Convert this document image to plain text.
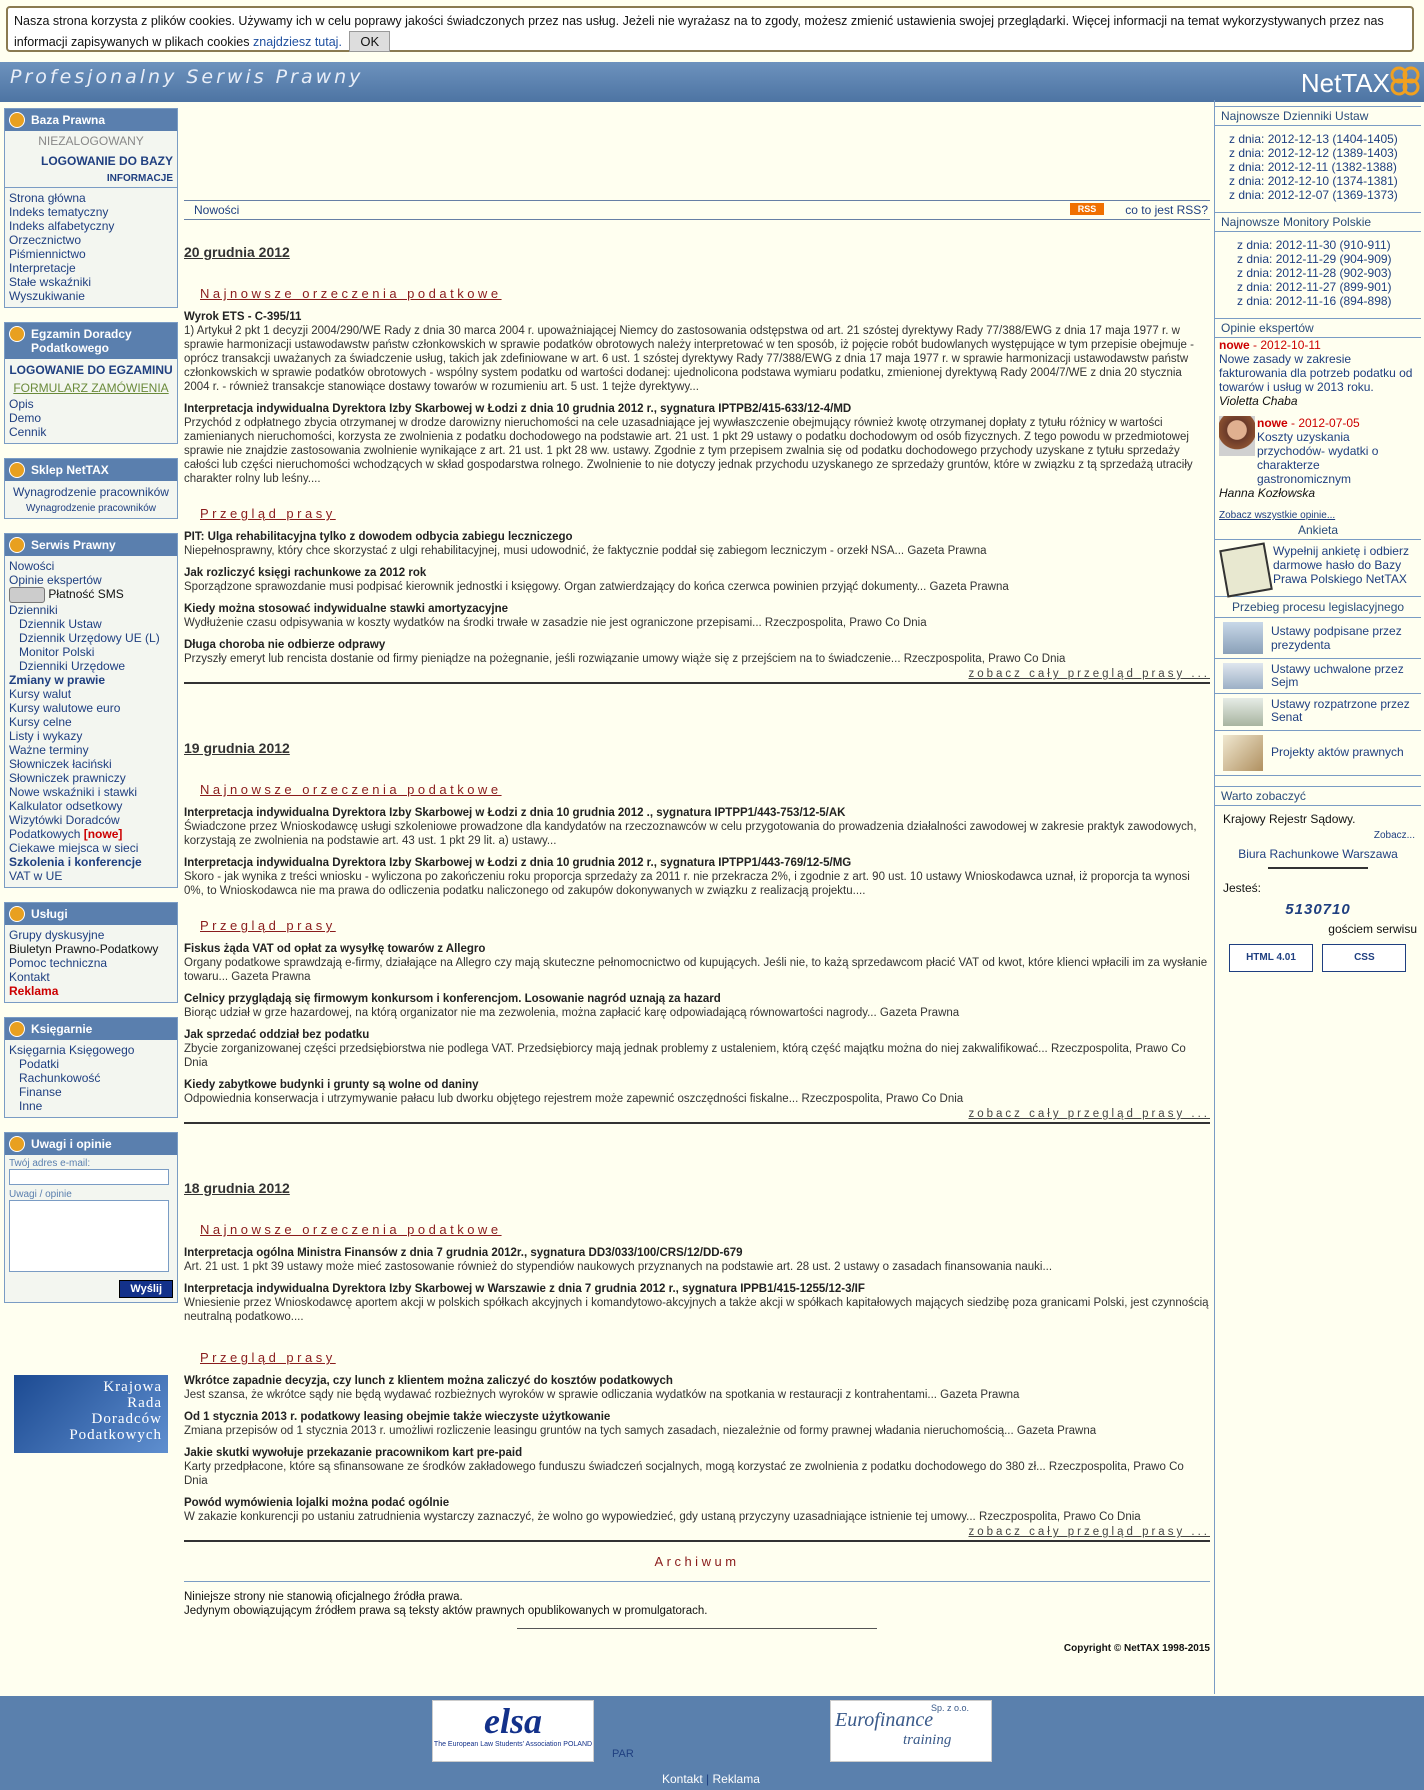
Nasza strona korzysta z plików cookies. Używamy ich w celu poprawy jakości świadczonych przez nas usług. Jeżeli nie wyrażasz na to zgody, możesz zmienić ustawienia swojej przeglądarki. Więcej informacji na temat wykorzystywanych przez nas informacji zapisywanych w plikach cookies znajdziesz tutaj. OK
Profesjonalny Serwis Prawny	NetTAX
Baza Prawna
NIEZALOGOWANY
LOGOWANIE DO BAZY
INFORMACJE
Strona główna
Indeks tematyczny
Indeks alfabetyczny
Orzecznictwo
Piśmiennictwo
Interpretacje
Stałe wskaźniki
Wyszukiwanie
Egzamin Doradcy Podatkowego
LOGOWANIE DO EGZAMINU
FORMULARZ ZAMÓWIENIA
Opis
Demo
Cennik
Sklep NetTAX
Wynagrodzenie pracowników
Wynagrodzenie pracowników
Serwis Prawny
Nowości
Opinie ekspertów
Płatność SMS
Dzienniki
Dziennik Ustaw
Dziennik Urzędowy UE (L)
Monitor Polski
Dzienniki Urzędowe
Zmiany w prawie
Kursy walut
Kursy walutowe euro
Kursy celne
Listy i wykazy
Ważne terminy
Słowniczek łaciński
Słowniczek prawniczy
Nowe wskaźniki i stawki
Kalkulator odsetkowy
Wizytówki Doradców
Podatkowych [nowe]
Ciekawe miejsca w sieci
Szkolenia i konferencje
VAT w UE
Usługi
Grupy dyskusyjne
Biuletyn Prawno-Podatkowy
Pomoc techniczna
Kontakt
Reklama
Księgarnie
Księgarnia Księgowego
Podatki
Rachunkowość
Finanse
Inne
Uwagi i opinie
Twój adres e-mail:
Uwagi / opinie
Wyślij
Krajowa
Rada
Doradców
Podatkowych
Nowości	RSS	co to jest RSS?
20 grudnia 2012
Najnowsze orzeczenia podatkowe
Wyrok ETS - C-395/11
1) Artykuł 2 pkt 1 decyzji 2004/290/WE Rady z dnia 30 marca 2004 r. upoważniającej Niemcy do zastosowania odstępstwa od art. 21 szóstej dyrektywy Rady 77/388/EWG z dnia 17 maja 1977 r. w sprawie harmonizacji ustawodawstw państw członkowskich w sprawie podatków obrotowych należy interpretować w ten sposób, iż pojęcie robót budowlanych występujące w tym przepisie obejmuje - oprócz transakcji uważanych za świadczenie usług, takich jak zdefiniowane w art. 6 ust. 1 szóstej dyrektywy Rady 77/388/EWG z dnia 17 maja 1977 r. w sprawie harmonizacji ustawodawstw państw członkowskich w sprawie podatków obrotowych - wspólny system podatku od wartości dodanej: ujednolicona podstawa wymiaru podatku, zmienionej dyrektywą Rady 2004/7/WE z dnia 20 stycznia 2004 r. - również transakcje stanowiące dostawy towarów w rozumieniu art. 5 ust. 1 tejże dyrektywy...
Interpretacja indywidualna Dyrektora Izby Skarbowej w Łodzi z dnia 10 grudnia 2012 r., sygnatura IPTPB2/415-633/12-4/MD
Przychód z odpłatnego zbycia otrzymanej w drodze darowizny nieruchomości na cele uzasadniające jej wywłaszczenie obejmujący również kwotę otrzymanej dopłaty z tytułu różnicy w wartości zamienianych nieruchomości, korzysta ze zwolnienia z podatku dochodowego na podstawie art. 21 ust. 1 pkt 29 ustawy o podatku dochodowym od osób fizycznych. Z tego powodu w przedmiotowej sprawie nie znajdzie zastosowania zwolnienie wynikające z art. 21 ust. 1 pkt 28 ww. ustawy. Zgodnie z tym przepisem zwalnia się od podatku dochodowego przychody uzyskane z tytułu sprzedaży całości lub części nieruchomości wchodzących w skład gospodarstwa rolnego. Zwolnienie to nie dotyczy jednak przychodu uzyskanego ze sprzedaży gruntów, które w związku z tą sprzedażą utraciły charakter rolny lub leśny....
Przegląd prasy
PIT: Ulga rehabilitacyjna tylko z dowodem odbycia zabiegu leczniczego
Niepełnosprawny, który chce skorzystać z ulgi rehabilitacyjnej, musi udowodnić, że faktycznie poddał się zabiegom leczniczym - orzekł NSA... Gazeta Prawna
Jak rozliczyć księgi rachunkowe za 2012 rok
Sporządzone sprawozdanie musi podpisać kierownik jednostki i księgowy. Organ zatwierdzający do końca czerwca powinien przyjąć dokumenty... Gazeta Prawna
Kiedy można stosować indywidualne stawki amortyzacyjne
Wydłużenie czasu odpisywania w koszty wydatków na środki trwałe w zasadzie nie jest ograniczone przepisami... Rzeczpospolita, Prawo Co Dnia
Długa choroba nie odbierze odprawy
Przyszły emeryt lub rencista dostanie od firmy pieniądze na pożegnanie, jeśli rozwiązanie umowy wiąże się z przejściem na to świadczenie... Rzeczpospolita, Prawo Co Dnia
zobacz cały przegląd prasy ...
19 grudnia 2012
Najnowsze orzeczenia podatkowe
Interpretacja indywidualna Dyrektora Izby Skarbowej w Łodzi z dnia 10 grudnia 2012 ., sygnatura IPTPP1/443-753/12-5/AK
Świadczone przez Wnioskodawcę usługi szkoleniowe prowadzone dla kandydatów na rzeczoznawców w celu przygotowania do prowadzenia działalności zawodowej w zakresie praktyk zawodowych, korzystają ze zwolnienia na podstawie art. 43 ust. 1 pkt 29 lit. a) ustawy...
Interpretacja indywidualna Dyrektora Izby Skarbowej w Łodzi z dnia 10 grudnia 2012 r., sygnatura IPTPP1/443-769/12-5/MG
Skoro - jak wynika z treści wniosku - wyliczona po zakończeniu roku proporcja sprzedaży za 2011 r. nie przekracza 2%, i zgodnie z art. 90 ust. 10 ustawy Wnioskodawca uznał, iż proporcja ta wynosi 0%, to Wnioskodawca nie ma prawa do odliczenia podatku naliczonego od zakupów dokonywanych w związku z realizacją projektu....
Przegląd prasy
Fiskus żąda VAT od opłat za wysyłkę towarów z Allegro
Organy podatkowe sprawdzają e-firmy, działające na Allegro czy mają skuteczne pełnomocnictwo od kupujących. Jeśli nie, to każą sprzedawcom płacić VAT od kwot, które klienci wpłacili im za wysłanie towaru... Gazeta Prawna
Celnicy przyglądają się firmowym konkursom i konferencjom. Losowanie nagród uznają za hazard
Biorąc udział w grze hazardowej, na którą organizator nie ma zezwolenia, można zapłacić karę odpowiadającą równowartości nagrody... Gazeta Prawna
Jak sprzedać oddział bez podatku
Zbycie zorganizowanej części przedsiębiorstwa nie podlega VAT. Przedsiębiorcy mają jednak problemy z ustaleniem, którą część majątku można do niej zakwalifikować... Rzeczpospolita, Prawo Co Dnia
Kiedy zabytkowe budynki i grunty są wolne od daniny
Odpowiednia konserwacja i utrzymywanie pałacu lub dworku objętego rejestrem może zapewnić oszczędności fiskalne... Rzeczpospolita, Prawo Co Dnia
zobacz cały przegląd prasy ...
18 grudnia 2012
Najnowsze orzeczenia podatkowe
Interpretacja ogólna Ministra Finansów z dnia 7 grudnia 2012r., sygnatura DD3/033/100/CRS/12/DD-679
Art. 21 ust. 1 pkt 39 ustawy może mieć zastosowanie również do stypendiów naukowych przyznanych na podstawie art. 28 ust. 2 ustawy o zasadach finansowania nauki...
Interpretacja indywidualna Dyrektora Izby Skarbowej w Warszawie z dnia 7 grudnia 2012 r., sygnatura IPPB1/415-1255/12-3/IF
Wniesienie przez Wnioskodawcę aportem akcji w polskich spółkach akcyjnych i komandytowo-akcyjnych a także akcji w spółkach kapitałowych mających siedzibę poza granicami Polski, jest czynnością neutralną podatkowo....
Przegląd prasy
Wkrótce zapadnie decyzja, czy lunch z klientem można zaliczyć do kosztów podatkowych
Jest szansa, że wkrótce sądy nie będą wydawać rozbieżnych wyroków w sprawie odliczania wydatków na spotkania w restauracji z kontrahentami... Gazeta Prawna
Od 1 stycznia 2013 r. podatkowy leasing obejmie także wieczyste użytkowanie
Zmiana przepisów od 1 stycznia 2013 r. umożliwi rozliczenie leasingu gruntów na tych samych zasadach, niezależnie od formy prawnej władania nieruchomością... Gazeta Prawna
Jakie skutki wywołuje przekazanie pracownikom kart pre-paid
Karty przedpłacone, które są sfinansowane ze środków zakładowego funduszu świadczeń socjalnych, mogą korzystać ze zwolnienia z podatku dochodowego do 380 zł... Rzeczpospolita, Prawo Co Dnia
Powód wymówienia lojalki można podać ogólnie
W zakazie konkurencji po ustaniu zatrudnienia wystarczy zaznaczyć, że wolno go wypowiedzieć, gdy ustaną przyczyny uzasadniające istnienie tej umowy... Rzeczpospolita, Prawo Co Dnia
zobacz cały przegląd prasy ...
Archiwum
Niniejsze strony nie stanowią oficjalnego źródła prawa.
Jedynym obowiązującym źródłem prawa są teksty aktów prawnych opublikowanych w promulgatorach.
Copyright © NetTAX 1998-2015
Najnowsze Dzienniki Ustaw
z dnia: 2012-12-13 (1404-1405)
z dnia: 2012-12-12 (1389-1403)
z dnia: 2012-12-11 (1382-1388)
z dnia: 2012-12-10 (1374-1381)
z dnia: 2012-12-07 (1369-1373)
Najnowsze Monitory Polskie
z dnia: 2012-11-30 (910-911)
z dnia: 2012-11-29 (904-909)
z dnia: 2012-11-28 (902-903)
z dnia: 2012-11-27 (899-901)
z dnia: 2012-11-16 (894-898)
Opinie ekspertów
nowe - 2012-10-11
Nowe zasady w zakresie fakturowania dla potrzeb podatku od towarów i usług w 2013 roku.
Violetta Chaba
nowe - 2012-07-05
Koszty uzyskania przychodów- wydatki o charakterze gastronomicznym
Hanna Kozłowska
Zobacz wszystkie opinie...
Ankieta
Wypełnij ankietę i odbierz darmowe hasło do Bazy Prawa Polskiego NetTAX
Przebieg procesu legislacyjnego
Ustawy podpisane przez prezydenta
Ustawy uchwalone przez Sejm
Ustawy rozpatrzone przez Senat
Projekty aktów prawnych
Warto zobaczyć
Krajowy Rejestr Sądowy.
Zobacz...
Biura Rachunkowe Warszawa
Jesteś:
5130710
gościem serwisu
HTML 4.01	CSS
elsa
The European Law Students' Association POLAND
PAR
Eurofinance
Sp. z o.o.
training
Kontakt | Reklama
